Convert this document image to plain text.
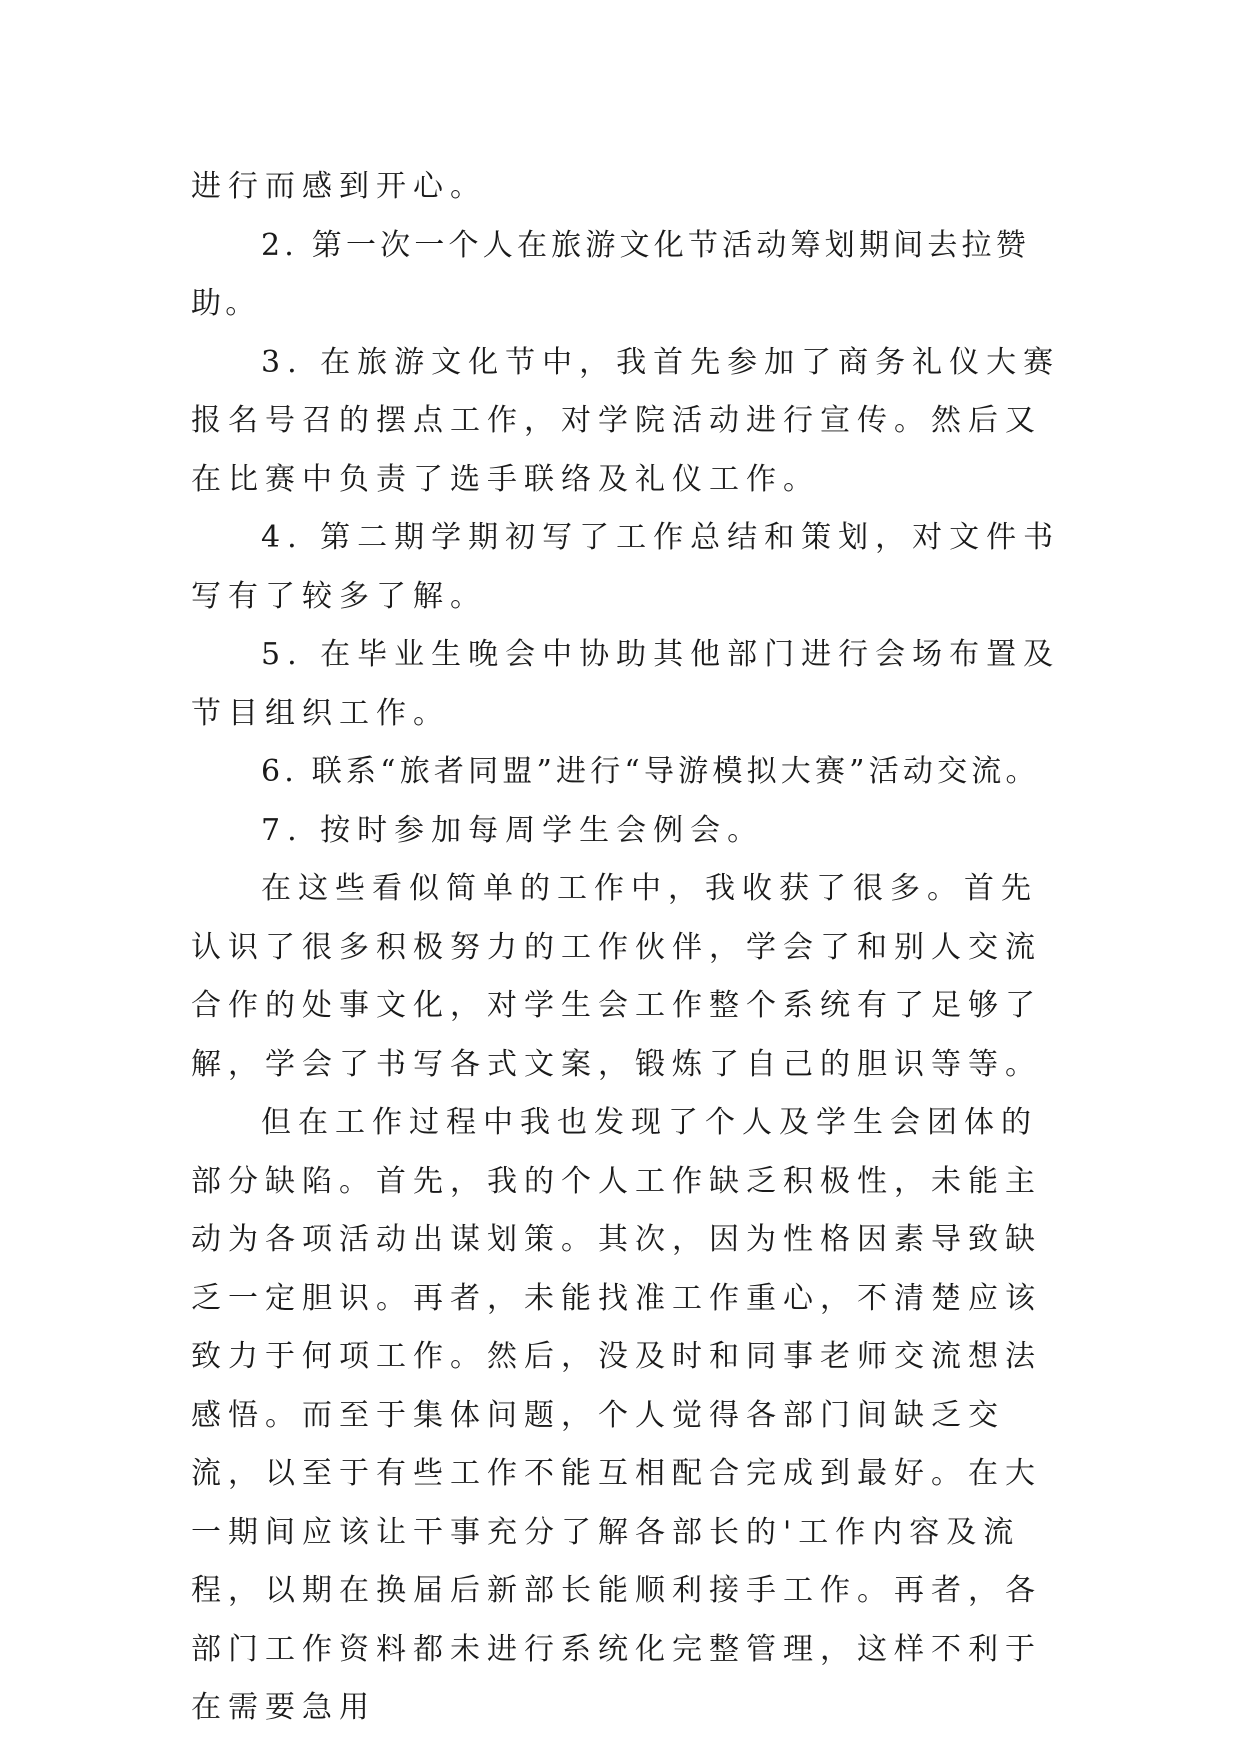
进行而感到开心。

2. 第一次一个人在旅游文化节活动筹划期间去拉赞助。

3. 在旅游文化节中，我首先参加了商务礼仪大赛报名号召的摆点工作，对学院活动进行宣传。然后又在比赛中负责了选手联络及礼仪工作。

4. 第二期学期初写了工作总结和策划，对文件书写有了较多了解。

5. 在毕业生晚会中协助其他部门进行会场布置及节目组织工作。

6. 联系“旅者同盟”进行“导游模拟大赛”活动交流。

7. 按时参加每周学生会例会。

在这些看似简单的工作中，我收获了很多。首先认识了很多积极努力的工作伙伴，学会了和别人交流合作的处事文化，对学生会工作整个系统有了足够了解，学会了书写各式文案，锻炼了自己的胆识等等。

但在工作过程中我也发现了个人及学生会团体的部分缺陷。首先，我的个人工作缺乏积极性，未能主动为各项活动出谋划策。其次，因为性格因素导致缺乏一定胆识。再者，未能找准工作重心，不清楚应该致力于何项工作。然后，没及时和同事老师交流想法感悟。而至于集体问题，个人觉得各部门间缺乏交流，以至于有些工作不能互相配合完成到最好。在大一期间应该让干事充分了解各部长的'工作内容及流程，以期在换届后新部长能顺利接手工作。再者，各部门工作资料都未进行系统化完整管理，这样不利于在需要急用
